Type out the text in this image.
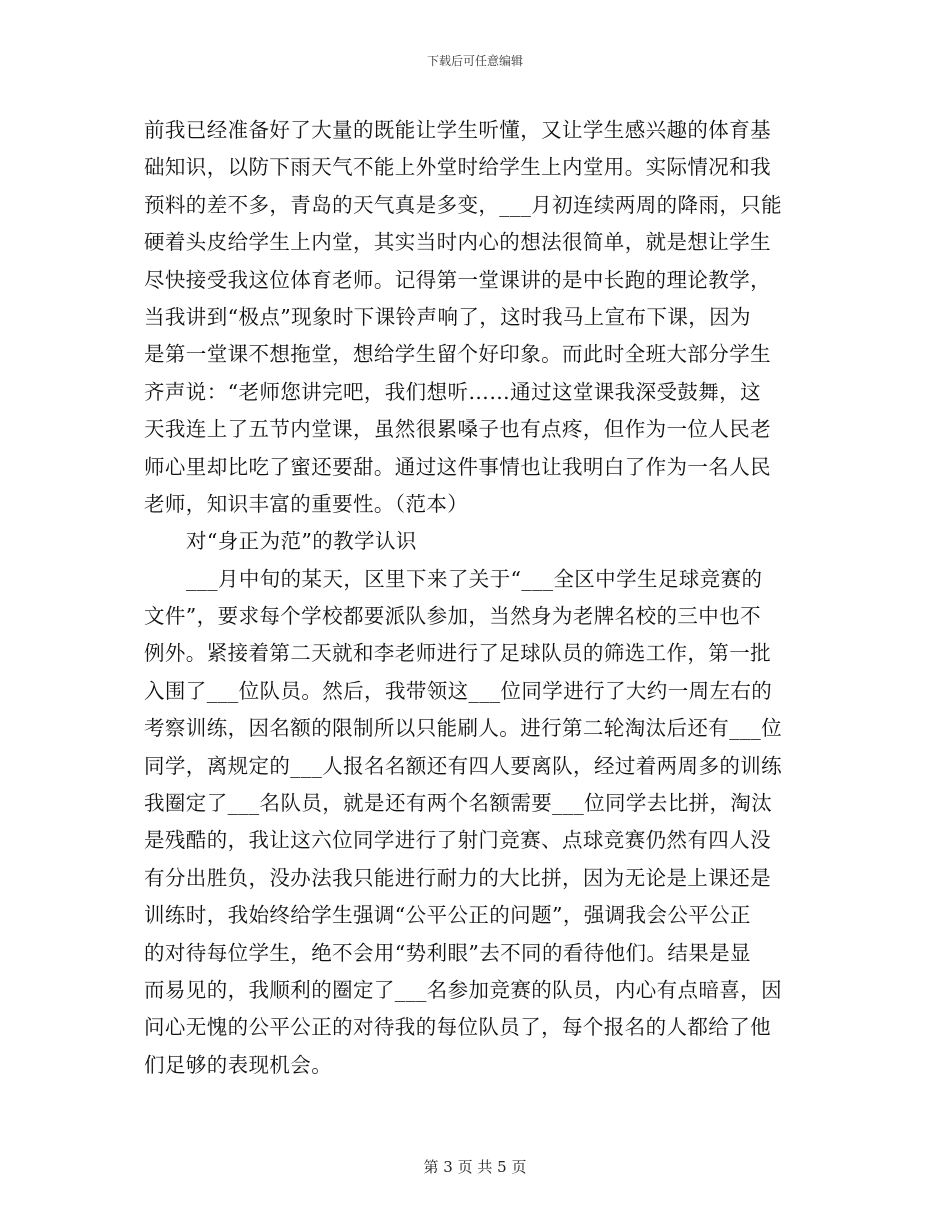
下载后可任意编辑
前我已经准备好了大量的既能让学生听懂，又让学生感兴趣的体育基
础知识，以防下雨天气不能上外堂时给学生上内堂用。实际情况和我
预料的差不多，青岛的天气真是多变，___月初连续两周的降雨，只能
硬着头皮给学生上内堂，其实当时内心的想法很简单，就是想让学生
尽快接受我这位体育老师。记得第一堂课讲的是中长跑的理论教学，
当我讲到“极点”现象时下课铃声响了，这时我马上宣布下课，因为
是第一堂课不想拖堂，想给学生留个好印象。而此时全班大部分学生
齐声说：“老师您讲完吧，我们想听……通过这堂课我深受鼓舞，这
天我连上了五节内堂课，虽然很累嗓子也有点疼，但作为一位人民老
师心里却比吃了蜜还要甜。通过这件事情也让我明白了作为一名人民
老师，知识丰富的重要性。（范本）
对“身正为范”的教学认识
___月中旬的某天，区里下来了关于“___全区中学生足球竞赛的
文件”，要求每个学校都要派队参加，当然身为老牌名校的三中也不
例外。紧接着第二天就和李老师进行了足球队员的筛选工作，第一批
入围了___位队员。然后，我带领这___位同学进行了大约一周左右的
考察训练，因名额的限制所以只能刷人。进行第二轮淘汰后还有___位
同学，离规定的___人报名名额还有四人要离队，经过着两周多的训练
我圈定了___名队员，就是还有两个名额需要___位同学去比拼，淘汰
是残酷的，我让这六位同学进行了射门竞赛、点球竞赛仍然有四人没
有分出胜负，没办法我只能进行耐力的大比拼，因为无论是上课还是
训练时，我始终给学生强调“公平公正的问题”，强调我会公平公正
的对待每位学生，绝不会用“势利眼”去不同的看待他们。结果是显
而易见的，我顺利的圈定了___名参加竞赛的队员，内心有点暗喜，因
问心无愧的公平公正的对待我的每位队员了，每个报名的人都给了他
们足够的表现机会。
第 3 页 共 5 页
